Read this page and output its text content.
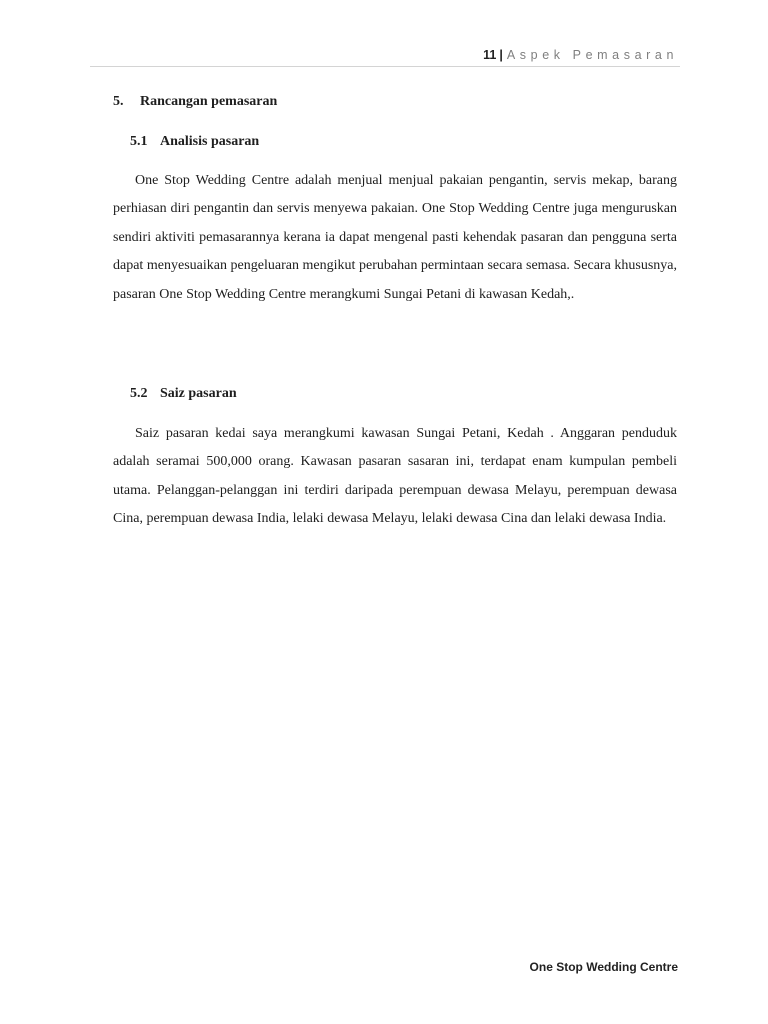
11 | Aspek Pemasaran
5. Rancangan pemasaran
5.1 Analisis pasaran

One Stop Wedding Centre adalah menjual menjual pakaian pengantin, servis mekap, barang perhiasan diri pengantin dan servis menyewa pakaian. One Stop Wedding Centre juga menguruskan sendiri aktiviti pemasarannya kerana ia dapat mengenal pasti kehendak pasaran dan pengguna serta dapat menyesuaikan pengeluaran mengikut perubahan permintaan secara semasa. Secara khususnya, pasaran One Stop Wedding Centre merangkumi Sungai Petani di kawasan Kedah,.

5.2 Saiz pasaran

Saiz pasaran kedai saya merangkumi kawasan Sungai Petani, Kedah . Anggaran penduduk adalah seramai 500,000 orang. Kawasan pasaran sasaran ini, terdapat enam kumpulan pembeli utama. Pelanggan-pelanggan ini terdiri daripada perempuan dewasa Melayu, perempuan dewasa Cina, perempuan dewasa India, lelaki dewasa Melayu, lelaki dewasa Cina dan lelaki dewasa India.

One Stop Wedding Centre
